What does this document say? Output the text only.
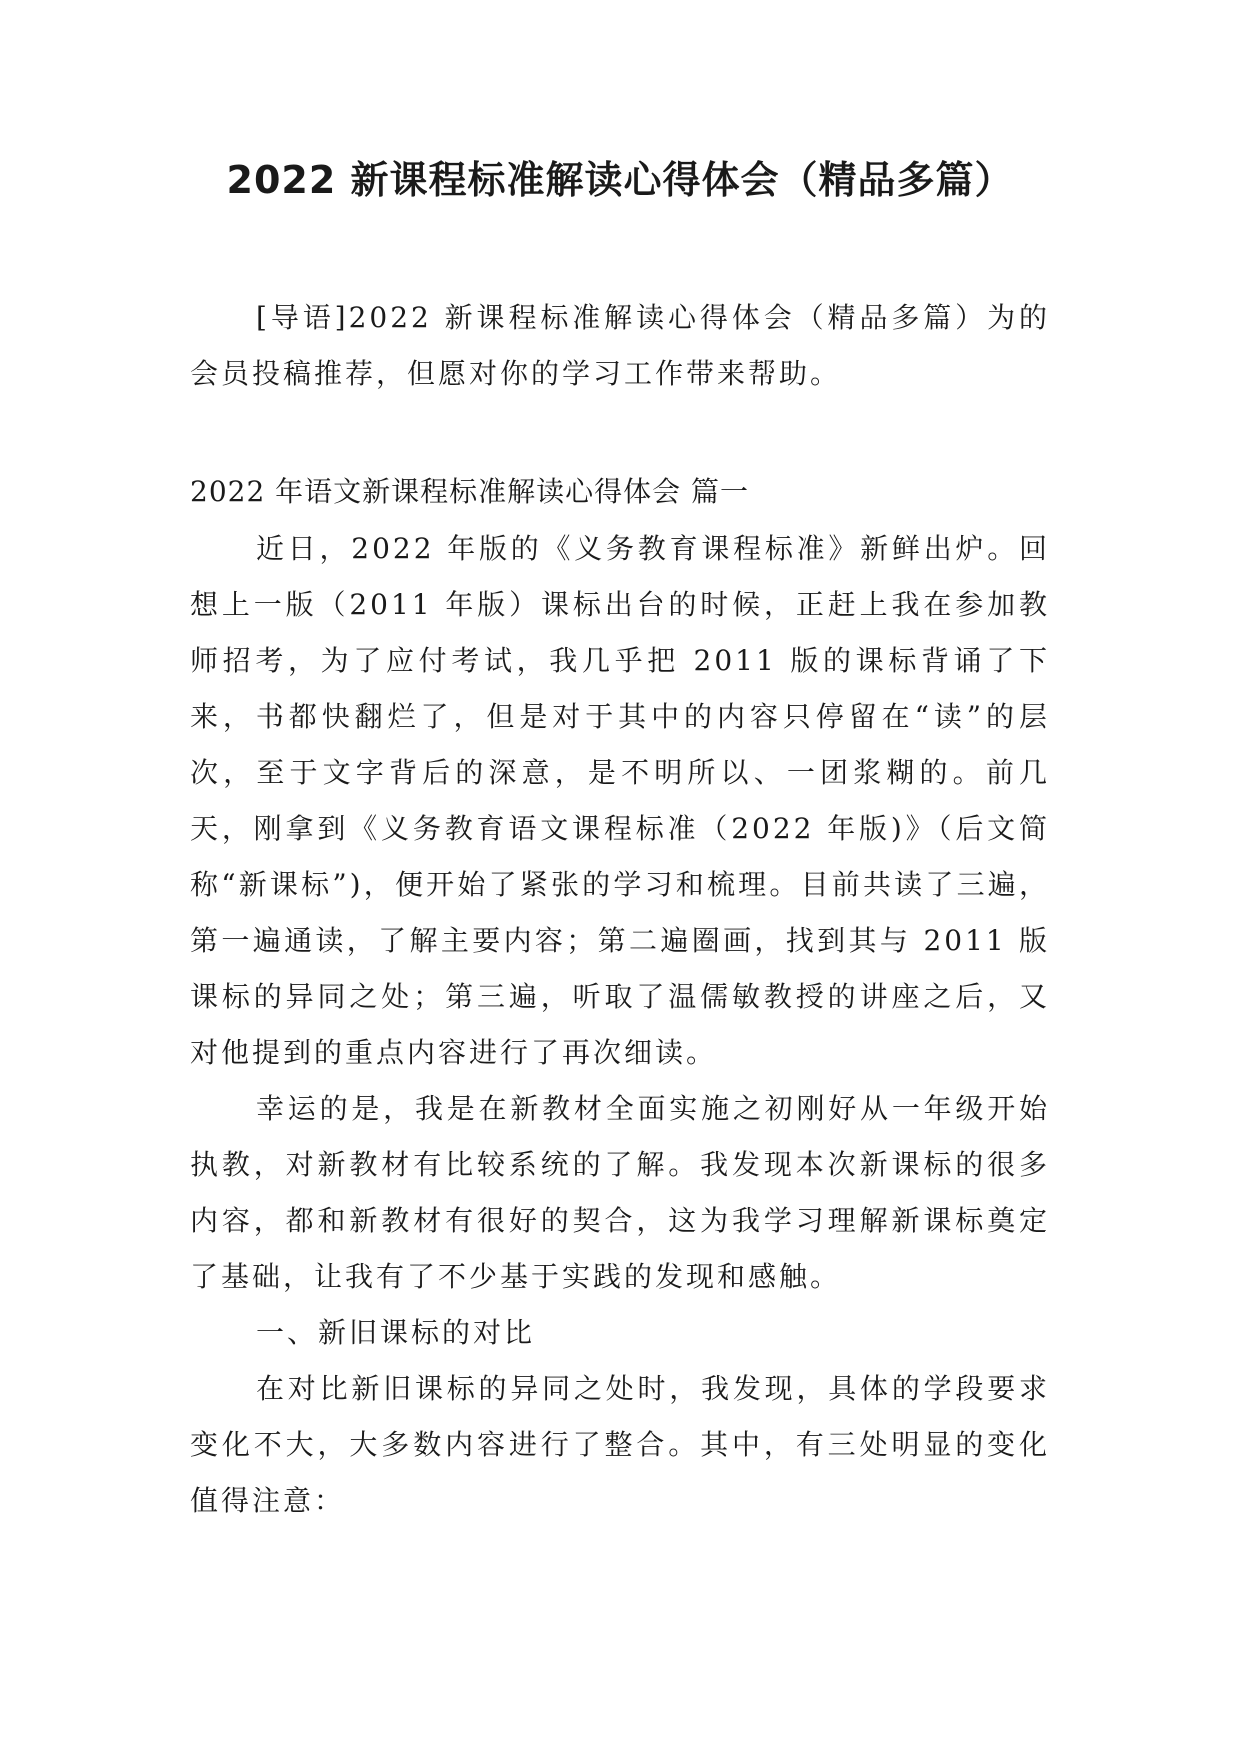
2022 新课程标准解读心得体会（精品多篇）

[导语]2022 新课程标准解读心得体会（精品多篇）为的会员投稿推荐，但愿对你的学习工作带来帮助。

2022 年语文新课程标准解读心得体会 篇一

近日，2022 年版的《义务教育课程标准》新鲜出炉。回想上一版（2011 年版）课标出台的时候，正赶上我在参加教师招考，为了应付考试，我几乎把 2011 版的课标背诵了下来，书都快翻烂了，但是对于其中的内容只停留在“读”的层次，至于文字背后的深意，是不明所以、一团浆糊的。前几天，刚拿到《义务教育语文课程标准（2022 年版)》（后文简称“新课标”)，便开始了紧张的学习和梳理。目前共读了三遍，第一遍通读，了解主要内容；第二遍圈画，找到其与 2011 版课标的异同之处；第三遍，听取了温儒敏教授的讲座之后，又对他提到的重点内容进行了再次细读。

幸运的是，我是在新教材全面实施之初刚好从一年级开始执教，对新教材有比较系统的了解。我发现本次新课标的很多内容，都和新教材有很好的契合，这为我学习理解新课标奠定了基础，让我有了不少基于实践的发现和感触。

一、新旧课标的对比

在对比新旧课标的异同之处时，我发现，具体的学段要求变化不大，大多数内容进行了整合。其中，有三处明显的变化值得注意：
